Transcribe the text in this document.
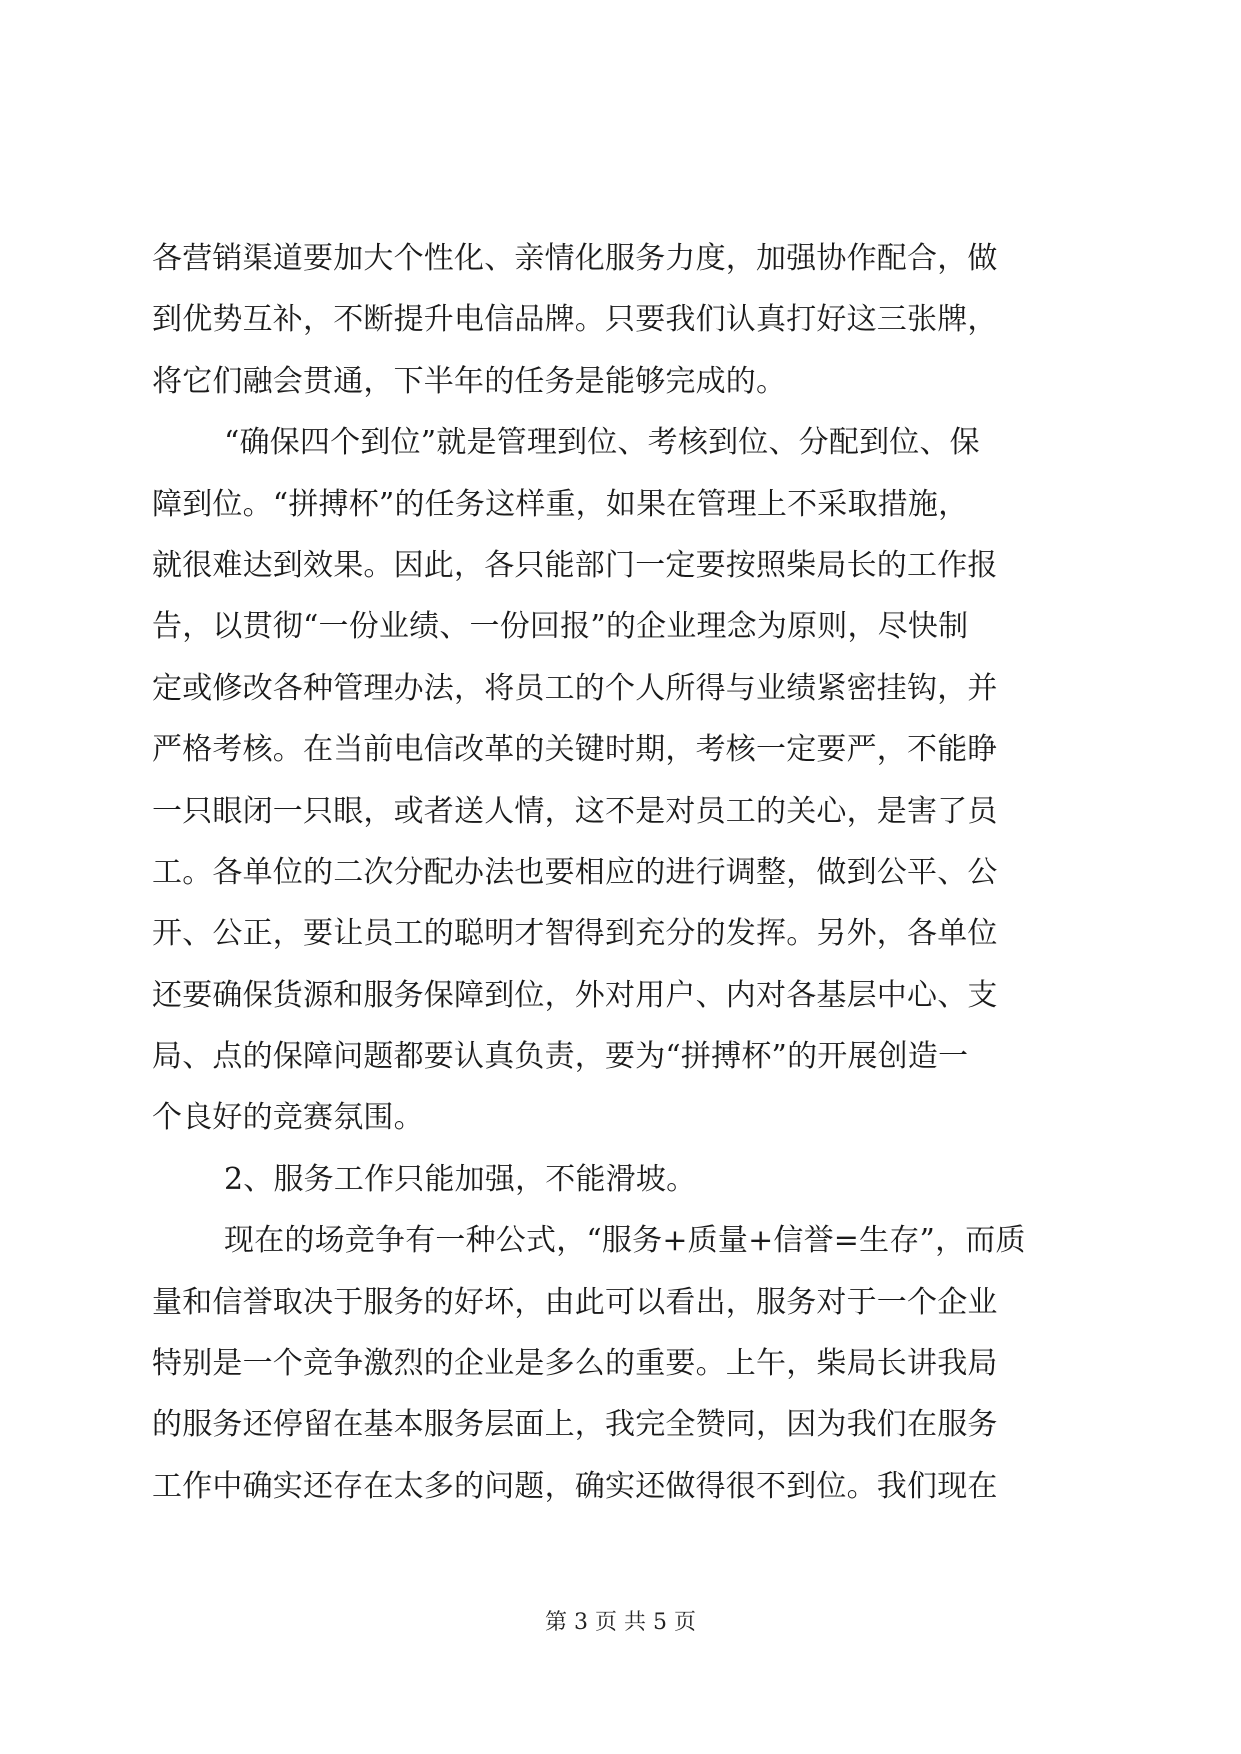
各营销渠道要加大个性化、亲情化服务力度，加强协作配合，做
到优势互补，不断提升电信品牌。只要我们认真打好这三张牌，
将它们融会贯通，下半年的任务是能够完成的。
“确保四个到位”就是管理到位、考核到位、分配到位、保
障到位。“拼搏杯”的任务这样重，如果在管理上不采取措施，
就很难达到效果。因此，各只能部门一定要按照柴局长的工作报
告，以贯彻“一份业绩、一份回报”的企业理念为原则，尽快制
定或修改各种管理办法，将员工的个人所得与业绩紧密挂钩，并
严格考核。在当前电信改革的关键时期，考核一定要严，不能睁
一只眼闭一只眼，或者送人情，这不是对员工的关心，是害了员
工。各单位的二次分配办法也要相应的进行调整，做到公平、公
开、公正，要让员工的聪明才智得到充分的发挥。另外，各单位
还要确保货源和服务保障到位，外对用户、内对各基层中心、支
局、点的保障问题都要认真负责，要为“拼搏杯”的开展创造一
个良好的竞赛氛围。
2、服务工作只能加强，不能滑坡。
现在的场竞争有一种公式，“服务+质量+信誉=生存”，而质
量和信誉取决于服务的好坏，由此可以看出，服务对于一个企业
特别是一个竞争激烈的企业是多么的重要。上午，柴局长讲我局
的服务还停留在基本服务层面上，我完全赞同，因为我们在服务
工作中确实还存在太多的问题，确实还做得很不到位。我们现在
第 3 页 共 5 页
